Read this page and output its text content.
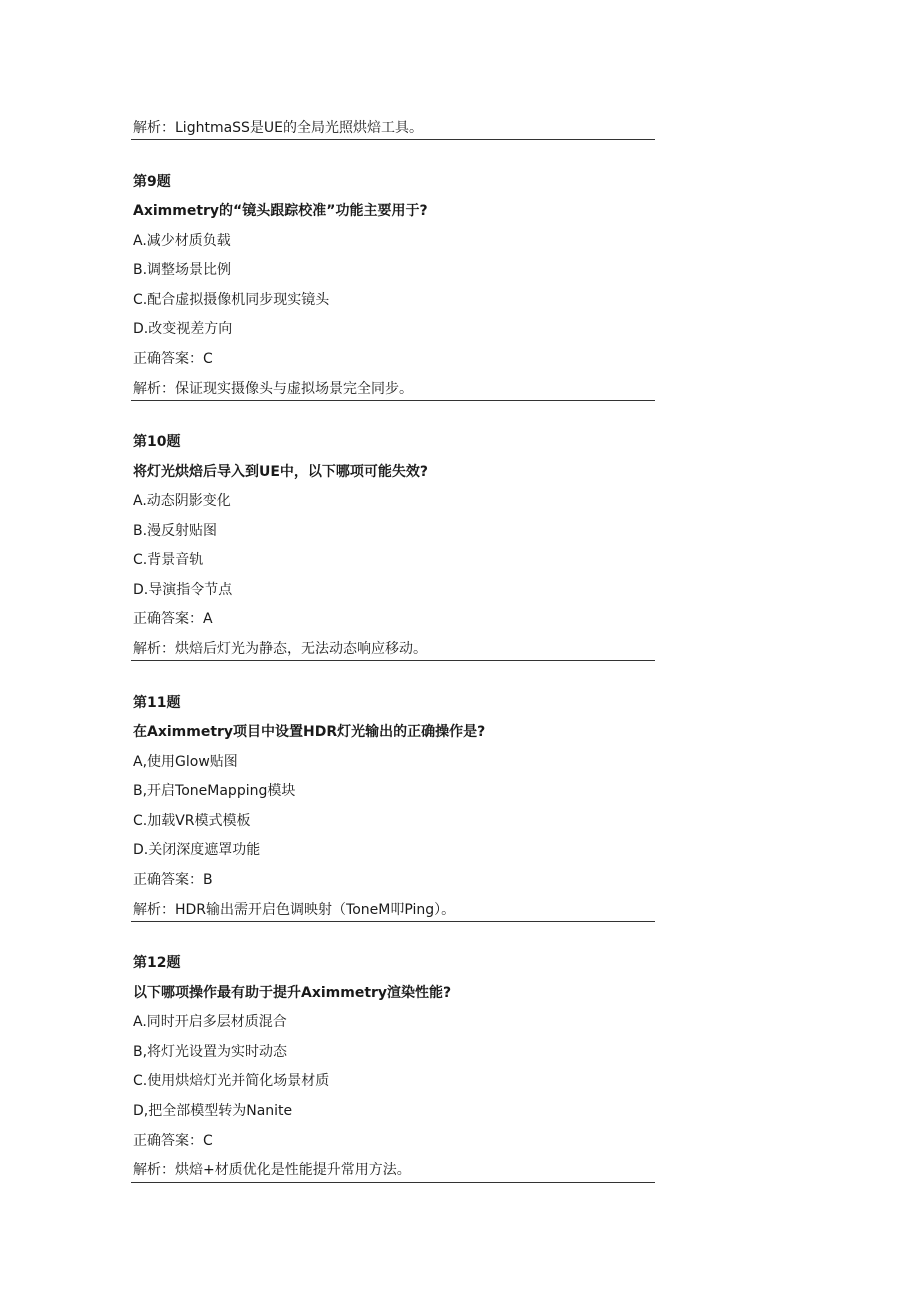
解析：LightmaSS是UE的全局光照烘焙工具。
第9题
Aximmetry的“镜头跟踪校准”功能主要用于?
A.减少材质负载
B.调整场景比例
C.配合虚拟摄像机同步现实镜头
D.改变视差方向
正确答案：C
解析：保证现实摄像头与虚拟场景完全同步。
第10题
将灯光烘焙后导入到UE中，以下哪项可能失效?
A.动态阴影变化
B.漫反射贴图
C.背景音轨
D.导演指令节点
正确答案：A
解析：烘焙后灯光为静态，无法动态响应移动。
第11题
在Aximmetry项目中设置HDR灯光输出的正确操作是?
A,使用Glow贴图
B,开启ToneMapping模块
C.加载VR模式模板
D.关闭深度遮罩功能
正确答案：B
解析：HDR输出需开启色调映射（ToneM叩Ping）。
第12题
以下哪项操作最有助于提升Aximmetry渲染性能?
A.同时开启多层材质混合
B,将灯光设置为实时动态
C.使用烘焙灯光并简化场景材质
D,把全部模型转为Nanite
正确答案：C
解析：烘焙+材质优化是性能提升常用方法。
